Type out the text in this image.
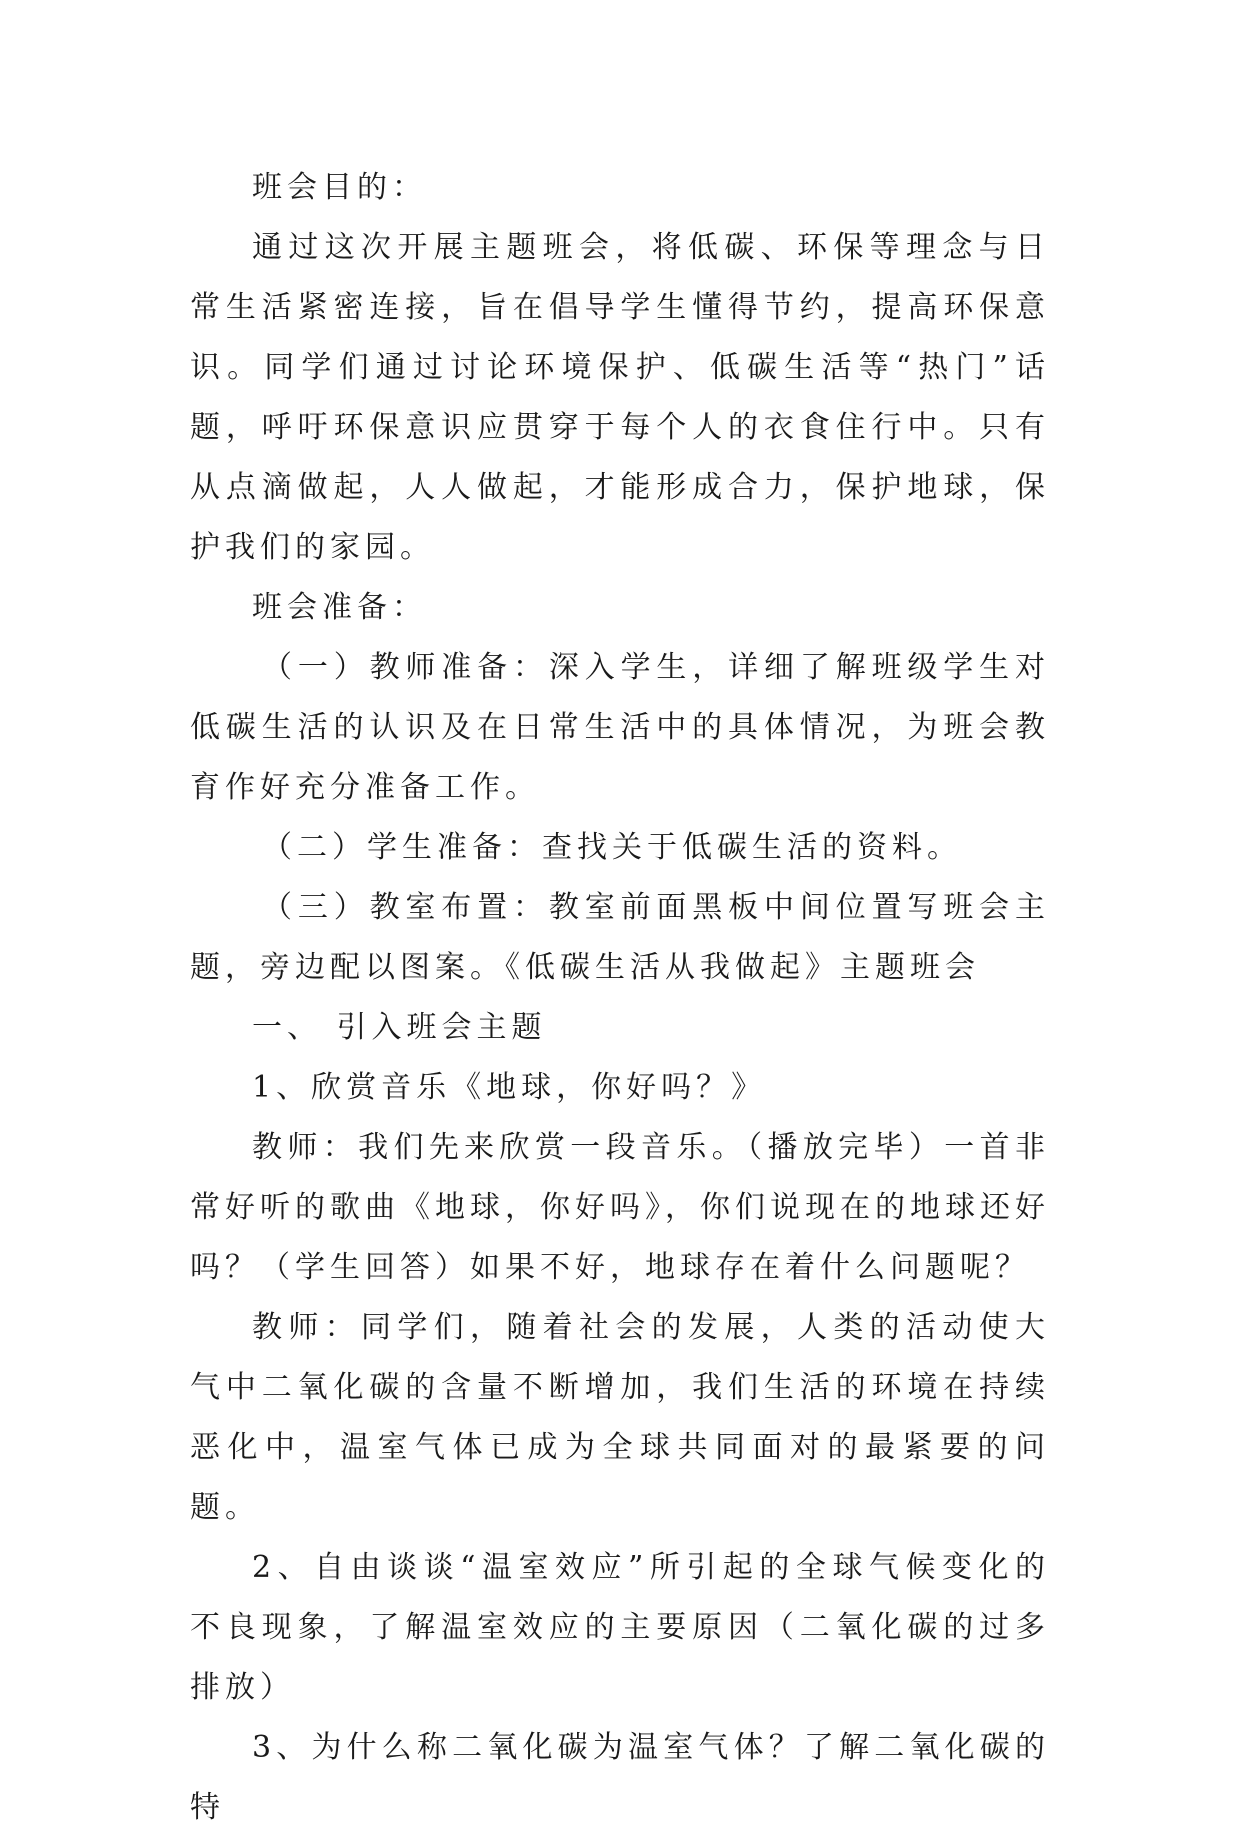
班会目的：

通过这次开展主题班会，将低碳、环保等理念与日常生活紧密连接，旨在倡导学生懂得节约，提高环保意识。同学们通过讨论环境保护、低碳生活等“热门”话题，呼吁环保意识应贯穿于每个人的衣食住行中。只有从点滴做起，人人做起，才能形成合力，保护地球，保护我们的家园。

班会准备：

（一）教师准备：深入学生，详细了解班级学生对低碳生活的认识及在日常生活中的具体情况，为班会教育作好充分准备工作。

（二）学生准备：查找关于低碳生活的资料。

（三）教室布置：教室前面黑板中间位置写班会主题，旁边配以图案。《低碳生活从我做起》主题班会

一、 引入班会主题

1、欣赏音乐《地球，你好吗？》

教师：我们先来欣赏一段音乐。（播放完毕）一首非常好听的歌曲《地球，你好吗》，你们说现在的地球还好吗？（学生回答）如果不好，地球存在着什么问题呢？

教师：同学们，随着社会的发展，人类的活动使大气中二氧化碳的含量不断增加，我们生活的环境在持续恶化中，温室气体已成为全球共同面对的最紧要的问题。

2、自由谈谈“温室效应”所引起的全球气候变化的不良现象，了解温室效应的主要原因（二氧化碳的过多排放）

3、为什么称二氧化碳为温室气体？了解二氧化碳的特
